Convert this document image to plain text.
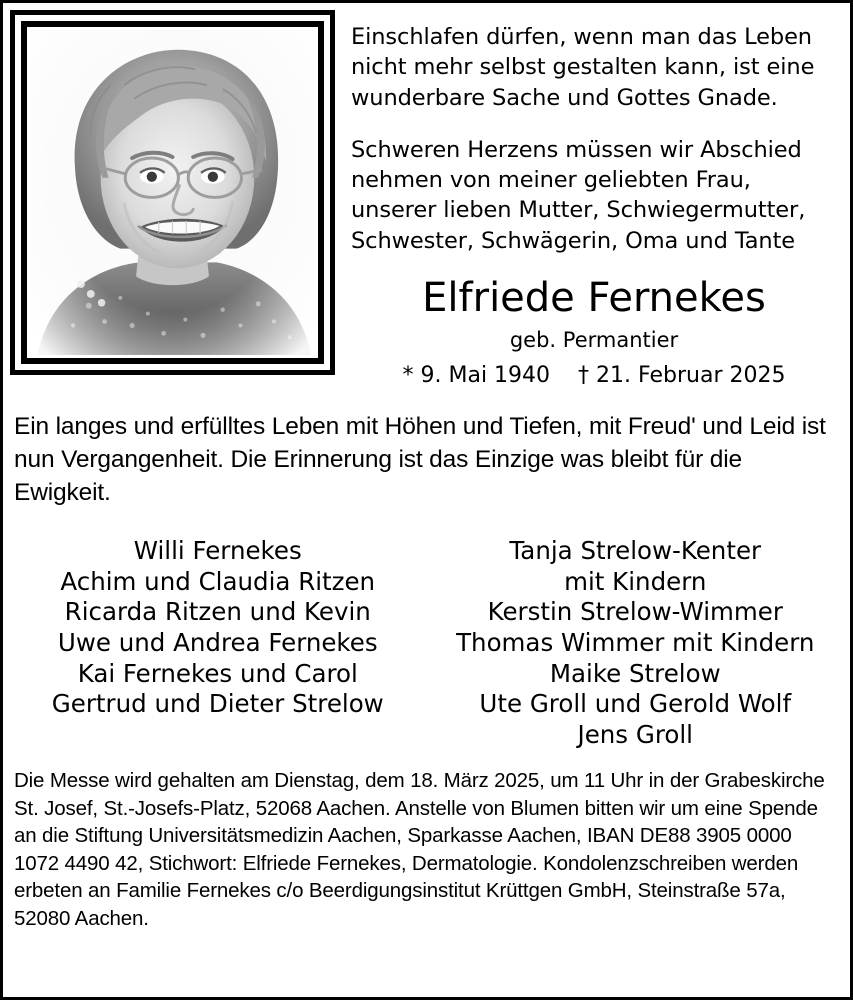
Einschlafen dürfen, wenn man das Leben nicht mehr selbst gestalten kann, ist eine wunderbare Sache und Gottes Gnade.

Schweren Herzens müssen wir Abschied nehmen von meiner geliebten Frau, unserer lieben Mutter, Schwiegermutter, Schwester, Schwägerin, Oma und Tante

Elfriede Fernekes
geb. Permantier
* 9. Mai 1940 † 21. Februar 2025

Ein langes und erfülltes Leben mit Höhen und Tiefen, mit Freud' und Leid ist nun Vergangenheit. Die Erinnerung ist das Einzige was bleibt für die Ewigkeit.

Willi Fernekes
Achim und Claudia Ritzen
Ricarda Ritzen und Kevin
Uwe und Andrea Fernekes
Kai Fernekes und Carol
Gertrud und Dieter Strelow
Tanja Strelow-Kenter
mit Kindern
Kerstin Strelow-Wimmer
Thomas Wimmer mit Kindern
Maike Strelow
Ute Groll und Gerold Wolf
Jens Groll

Die Messe wird gehalten am Dienstag, dem 18. März 2025, um 11 Uhr in der Grabeskirche St. Josef, St.-Josefs-Platz, 52068 Aachen. Anstelle von Blumen bitten wir um eine Spende an die Stiftung Universitätsmedizin Aachen, Sparkasse Aachen, IBAN DE88 3905 0000 1072 4490 42, Stichwort: Elfriede Fernekes, Dermatologie. Kondolenzschreiben werden erbeten an Familie Fernekes c/o Beerdigungsinstitut Krüttgen GmbH, Steinstraße 57a, 52080 Aachen.
